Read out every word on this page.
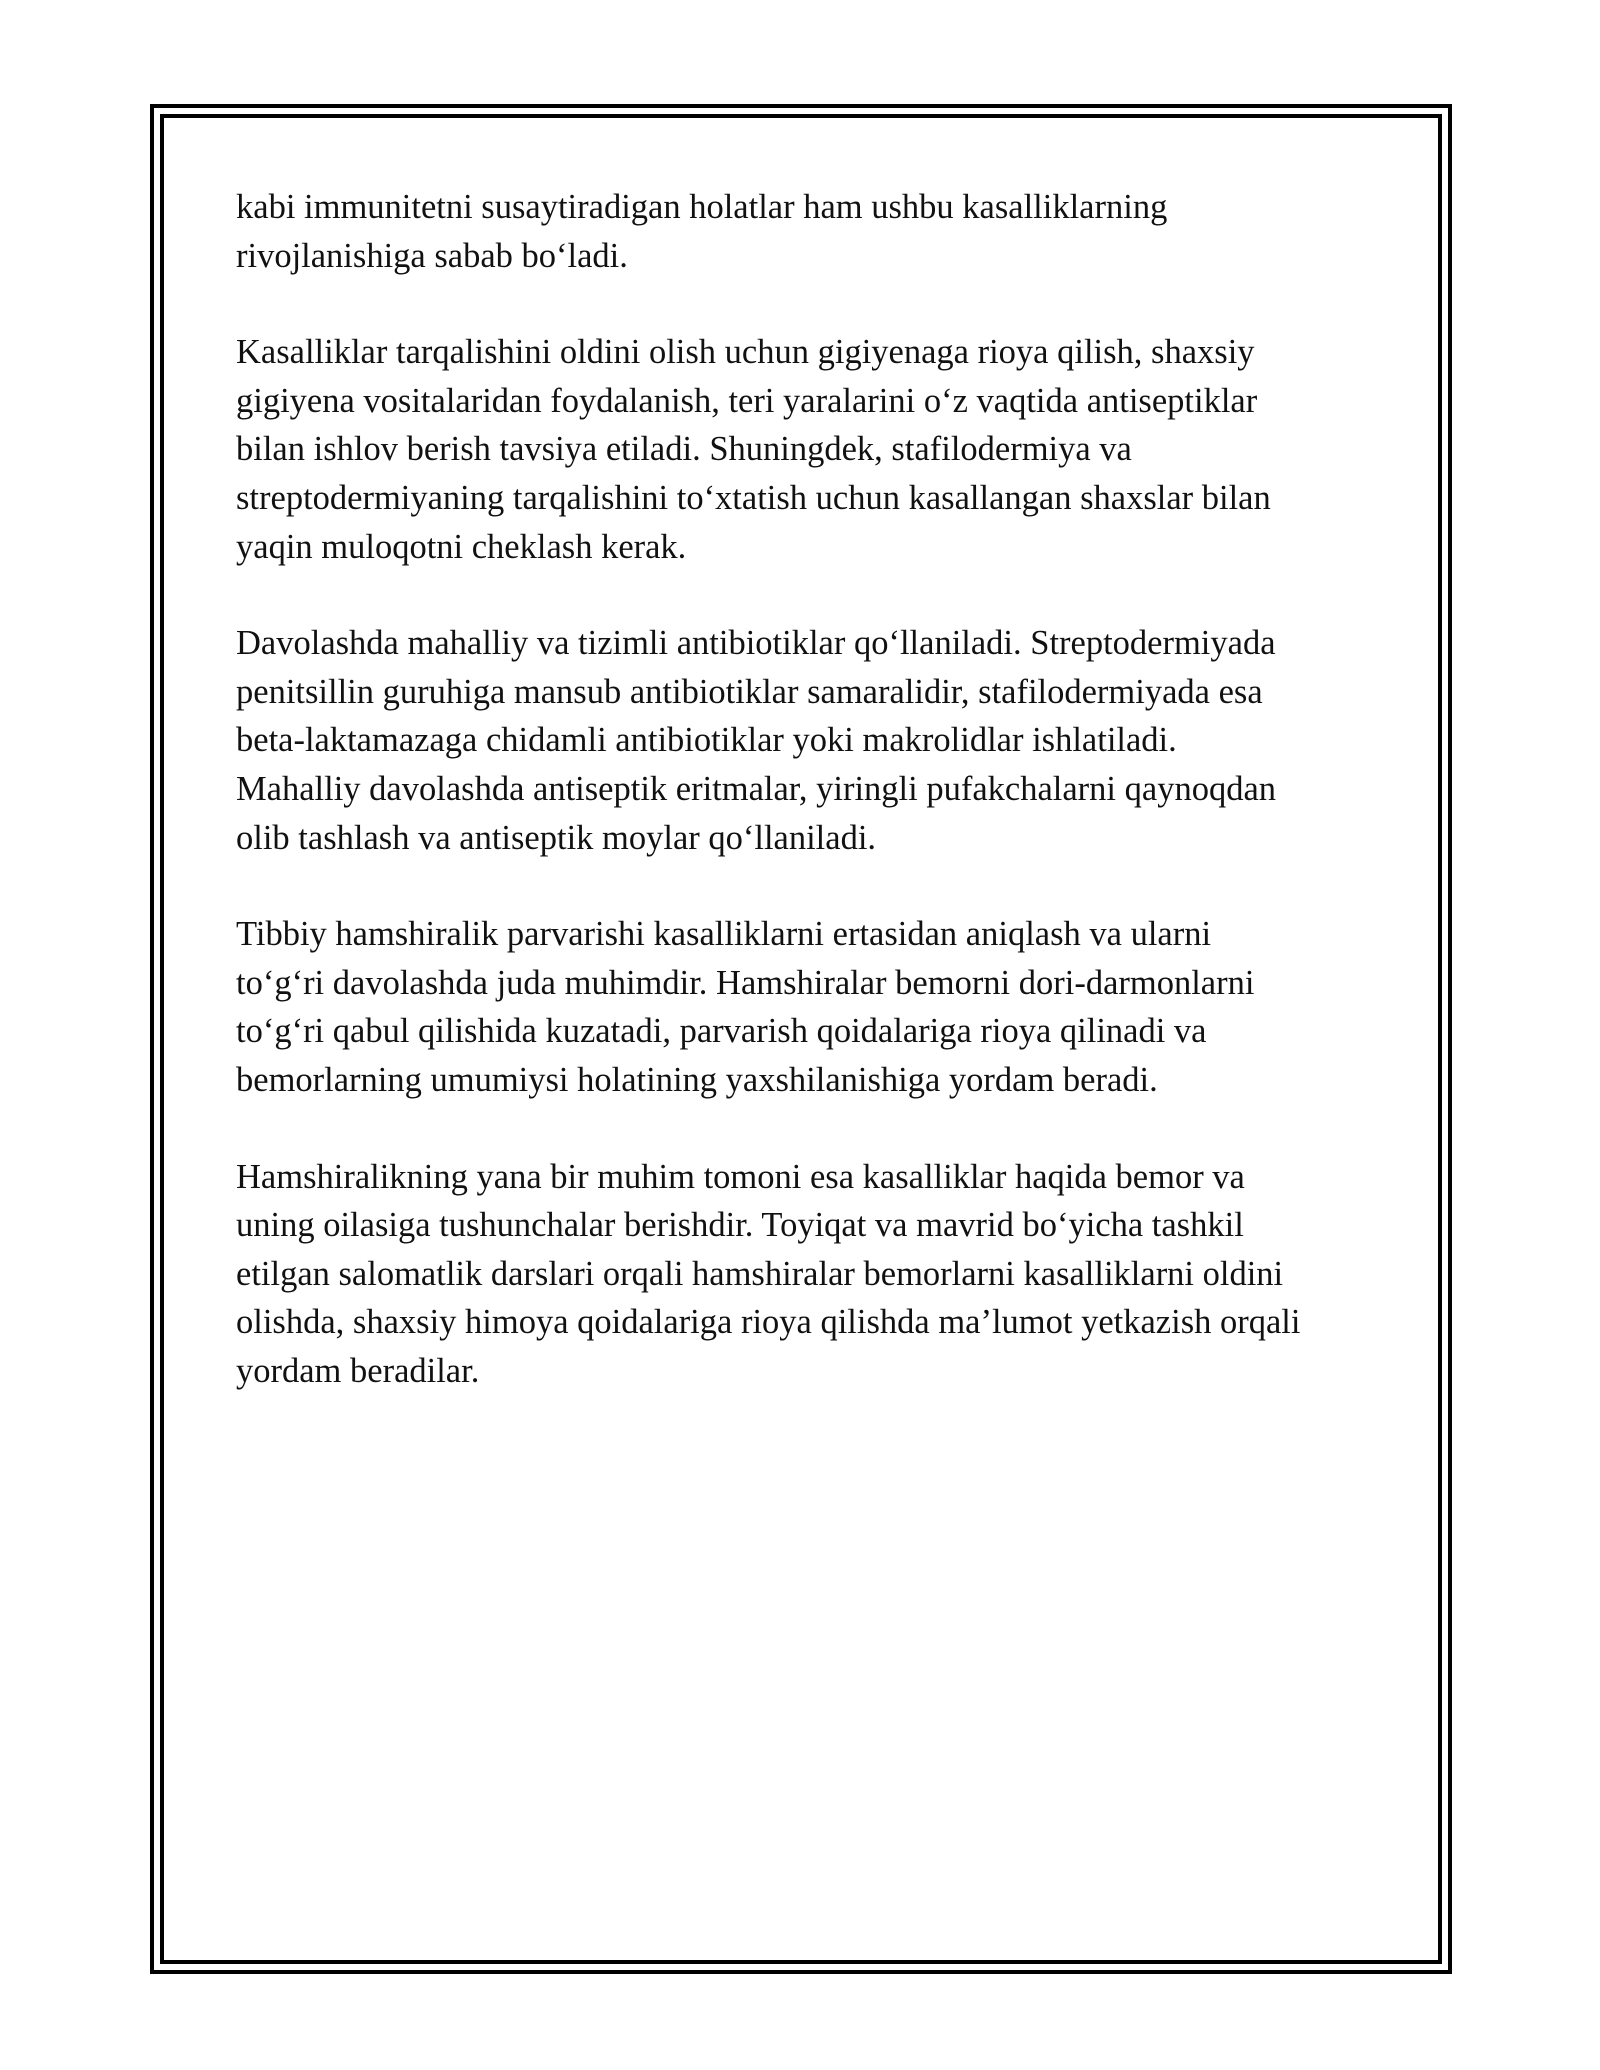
kabi immunitetni susaytiradigan holatlar ham ushbu kasalliklarning
rivojlanishiga sabab bo‘ladi.

Kasalliklar tarqalishini oldini olish uchun gigiyenaga rioya qilish, shaxsiy
gigiyena vositalaridan foydalanish, teri yaralarini o‘z vaqtida antiseptiklar
bilan ishlov berish tavsiya etiladi. Shuningdek, stafilodermiya va
streptodermiyaning tarqalishini to‘xtatish uchun kasallangan shaxslar bilan
yaqin muloqotni cheklash kerak.

Davolashda mahalliy va tizimli antibiotiklar qo‘llaniladi. Streptodermiyada
penitsillin guruhiga mansub antibiotiklar samaralidir, stafilodermiyada esa
beta-laktamazaga chidamli antibiotiklar yoki makrolidlar ishlatiladi.
Mahalliy davolashda antiseptik eritmalar, yiringli pufakchalarni qaynoqdan
olib tashlash va antiseptik moylar qo‘llaniladi.

Tibbiy hamshiralik parvarishi kasalliklarni ertasidan aniqlash va ularni
to‘g‘ri davolashda juda muhimdir. Hamshiralar bemorni dori-darmonlarni
to‘g‘ri qabul qilishida kuzatadi, parvarish qoidalariga rioya qilinadi va
bemorlarning umumiysi holatining yaxshilanishiga yordam beradi.

Hamshiralikning yana bir muhim tomoni esa kasalliklar haqida bemor va
uning oilasiga tushunchalar berishdir. Toyiqat va mavrid bo‘yicha tashkil
etilgan salomatlik darslari orqali hamshiralar bemorlarni kasalliklarni oldini
olishda, shaxsiy himoya qoidalariga rioya qilishda ma’lumot yetkazish orqali
yordam beradilar.
